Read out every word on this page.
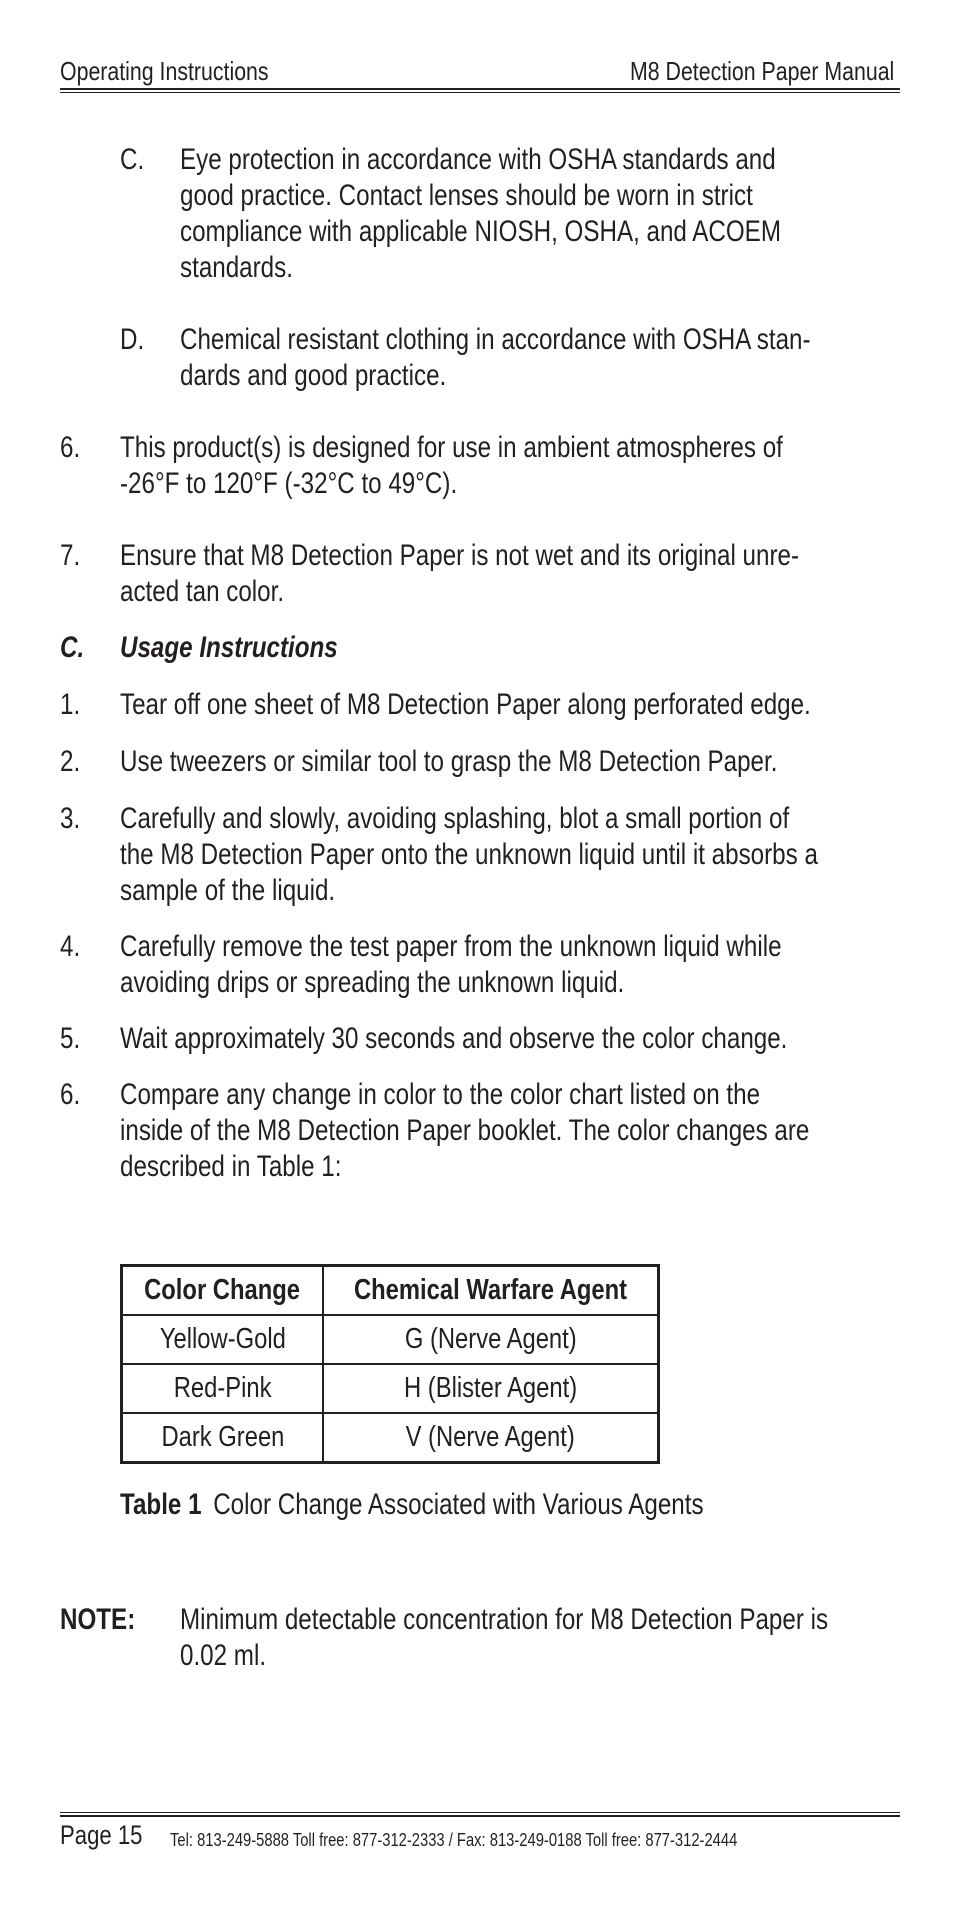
Operating Instructions	M8 Detection Paper Manual
C. Eye protection in accordance with OSHA standards and
good practice. Contact lenses should be worn in strict
compliance with applicable NIOSH, OSHA, and ACOEM
standards.
D. Chemical resistant clothing in accordance with OSHA stan-
dards and good practice.
6. This product(s) is designed for use in ambient atmospheres of
-26°F to 120°F (-32°C to 49°C).
7. Ensure that M8 Detection Paper is not wet and its original unre-
acted tan color.
C. Usage Instructions
1. Tear off one sheet of M8 Detection Paper along perforated edge.
2. Use tweezers or similar tool to grasp the M8 Detection Paper.
3. Carefully and slowly, avoiding splashing, blot a small portion of
the M8 Detection Paper onto the unknown liquid until it absorbs a
sample of the liquid.
4. Carefully remove the test paper from the unknown liquid while
avoiding drips or spreading the unknown liquid.
5. Wait approximately 30 seconds and observe the color change.
6. Compare any change in color to the color chart listed on the
inside of the M8 Detection Paper booklet. The color changes are
described in Table 1:
Color Change	Chemical Warfare Agent
Yellow-Gold	G (Nerve Agent)
Red-Pink	H (Blister Agent)
Dark Green	V (Nerve Agent)
Table 1 Color Change Associated with Various Agents
NOTE: Minimum detectable concentration for M8 Detection Paper is
0.02 ml.
Page 15 Tel: 813-249-5888 Toll free: 877-312-2333 / Fax: 813-249-0188 Toll free: 877-312-2444
